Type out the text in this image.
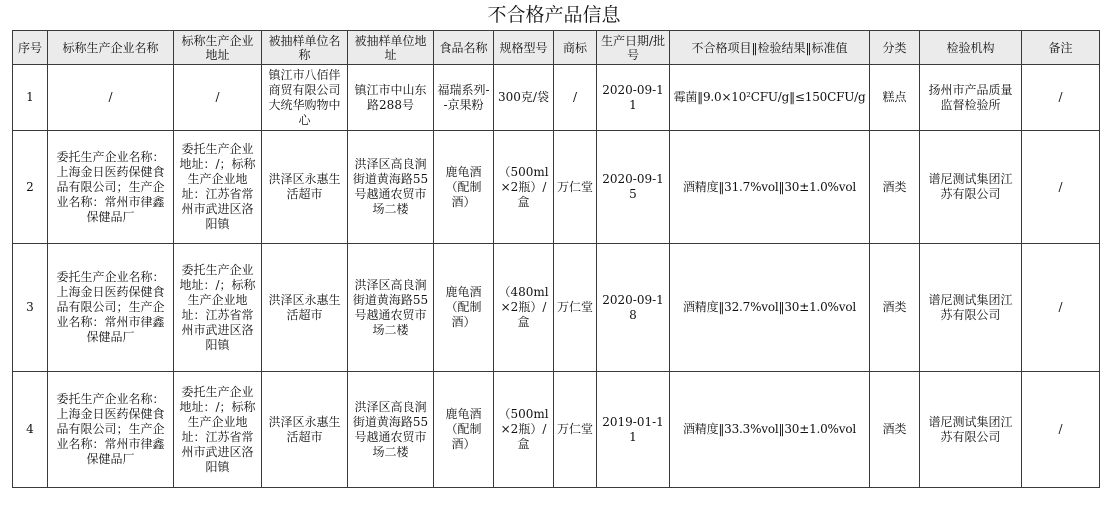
不合格产品信息
序号	标称生产企业名称	标称生产企业地址	被抽样单位名称	被抽样单位地址	食品名称	规格型号	商标	生产日期/批号	不合格项目‖检验结果‖标准值	分类	检验机构	备注
1	/	/	镇江市八佰伴商贸有限公司大统华购物中心	镇江市中山东路288号	福瑞系列--京果粉	300克/袋	/	2020-09-11	霉菌‖9.0×10²CFU/g‖≤150CFU/g	糕点	扬州市产品质量监督检验所	/
2	委托生产企业名称：上海金日医药保健食品有限公司；生产企业名称：常州市律鑫保健品厂	委托生产企业地址：/；标称生产企业地址：江苏省常州市武进区洛阳镇	洪泽区永惠生活超市	洪泽区高良涧街道黄海路55号越通农贸市场二楼	鹿龟酒（配制酒）	（500ml×2瓶）/盒	万仁堂	2020-09-15	酒精度‖31.7%vol‖30±1.0%vol	酒类	谱尼测试集团江苏有限公司	/
3	委托生产企业名称：上海金日医药保健食品有限公司；生产企业名称：常州市律鑫保健品厂	委托生产企业地址：/；标称生产企业地址：江苏省常州市武进区洛阳镇	洪泽区永惠生活超市	洪泽区高良涧街道黄海路55号越通农贸市场二楼	鹿龟酒（配制酒）	（480ml×2瓶）/盒	万仁堂	2020-09-18	酒精度‖32.7%vol‖30±1.0%vol	酒类	谱尼测试集团江苏有限公司	/
4	委托生产企业名称：上海金日医药保健食品有限公司；生产企业名称：常州市律鑫保健品厂	委托生产企业地址：/；标称生产企业地址：江苏省常州市武进区洛阳镇	洪泽区永惠生活超市	洪泽区高良涧街道黄海路55号越通农贸市场二楼	鹿龟酒（配制酒）	（500ml×2瓶）/盒	万仁堂	2019-01-11	酒精度‖33.3%vol‖30±1.0%vol	酒类	谱尼测试集团江苏有限公司	/
